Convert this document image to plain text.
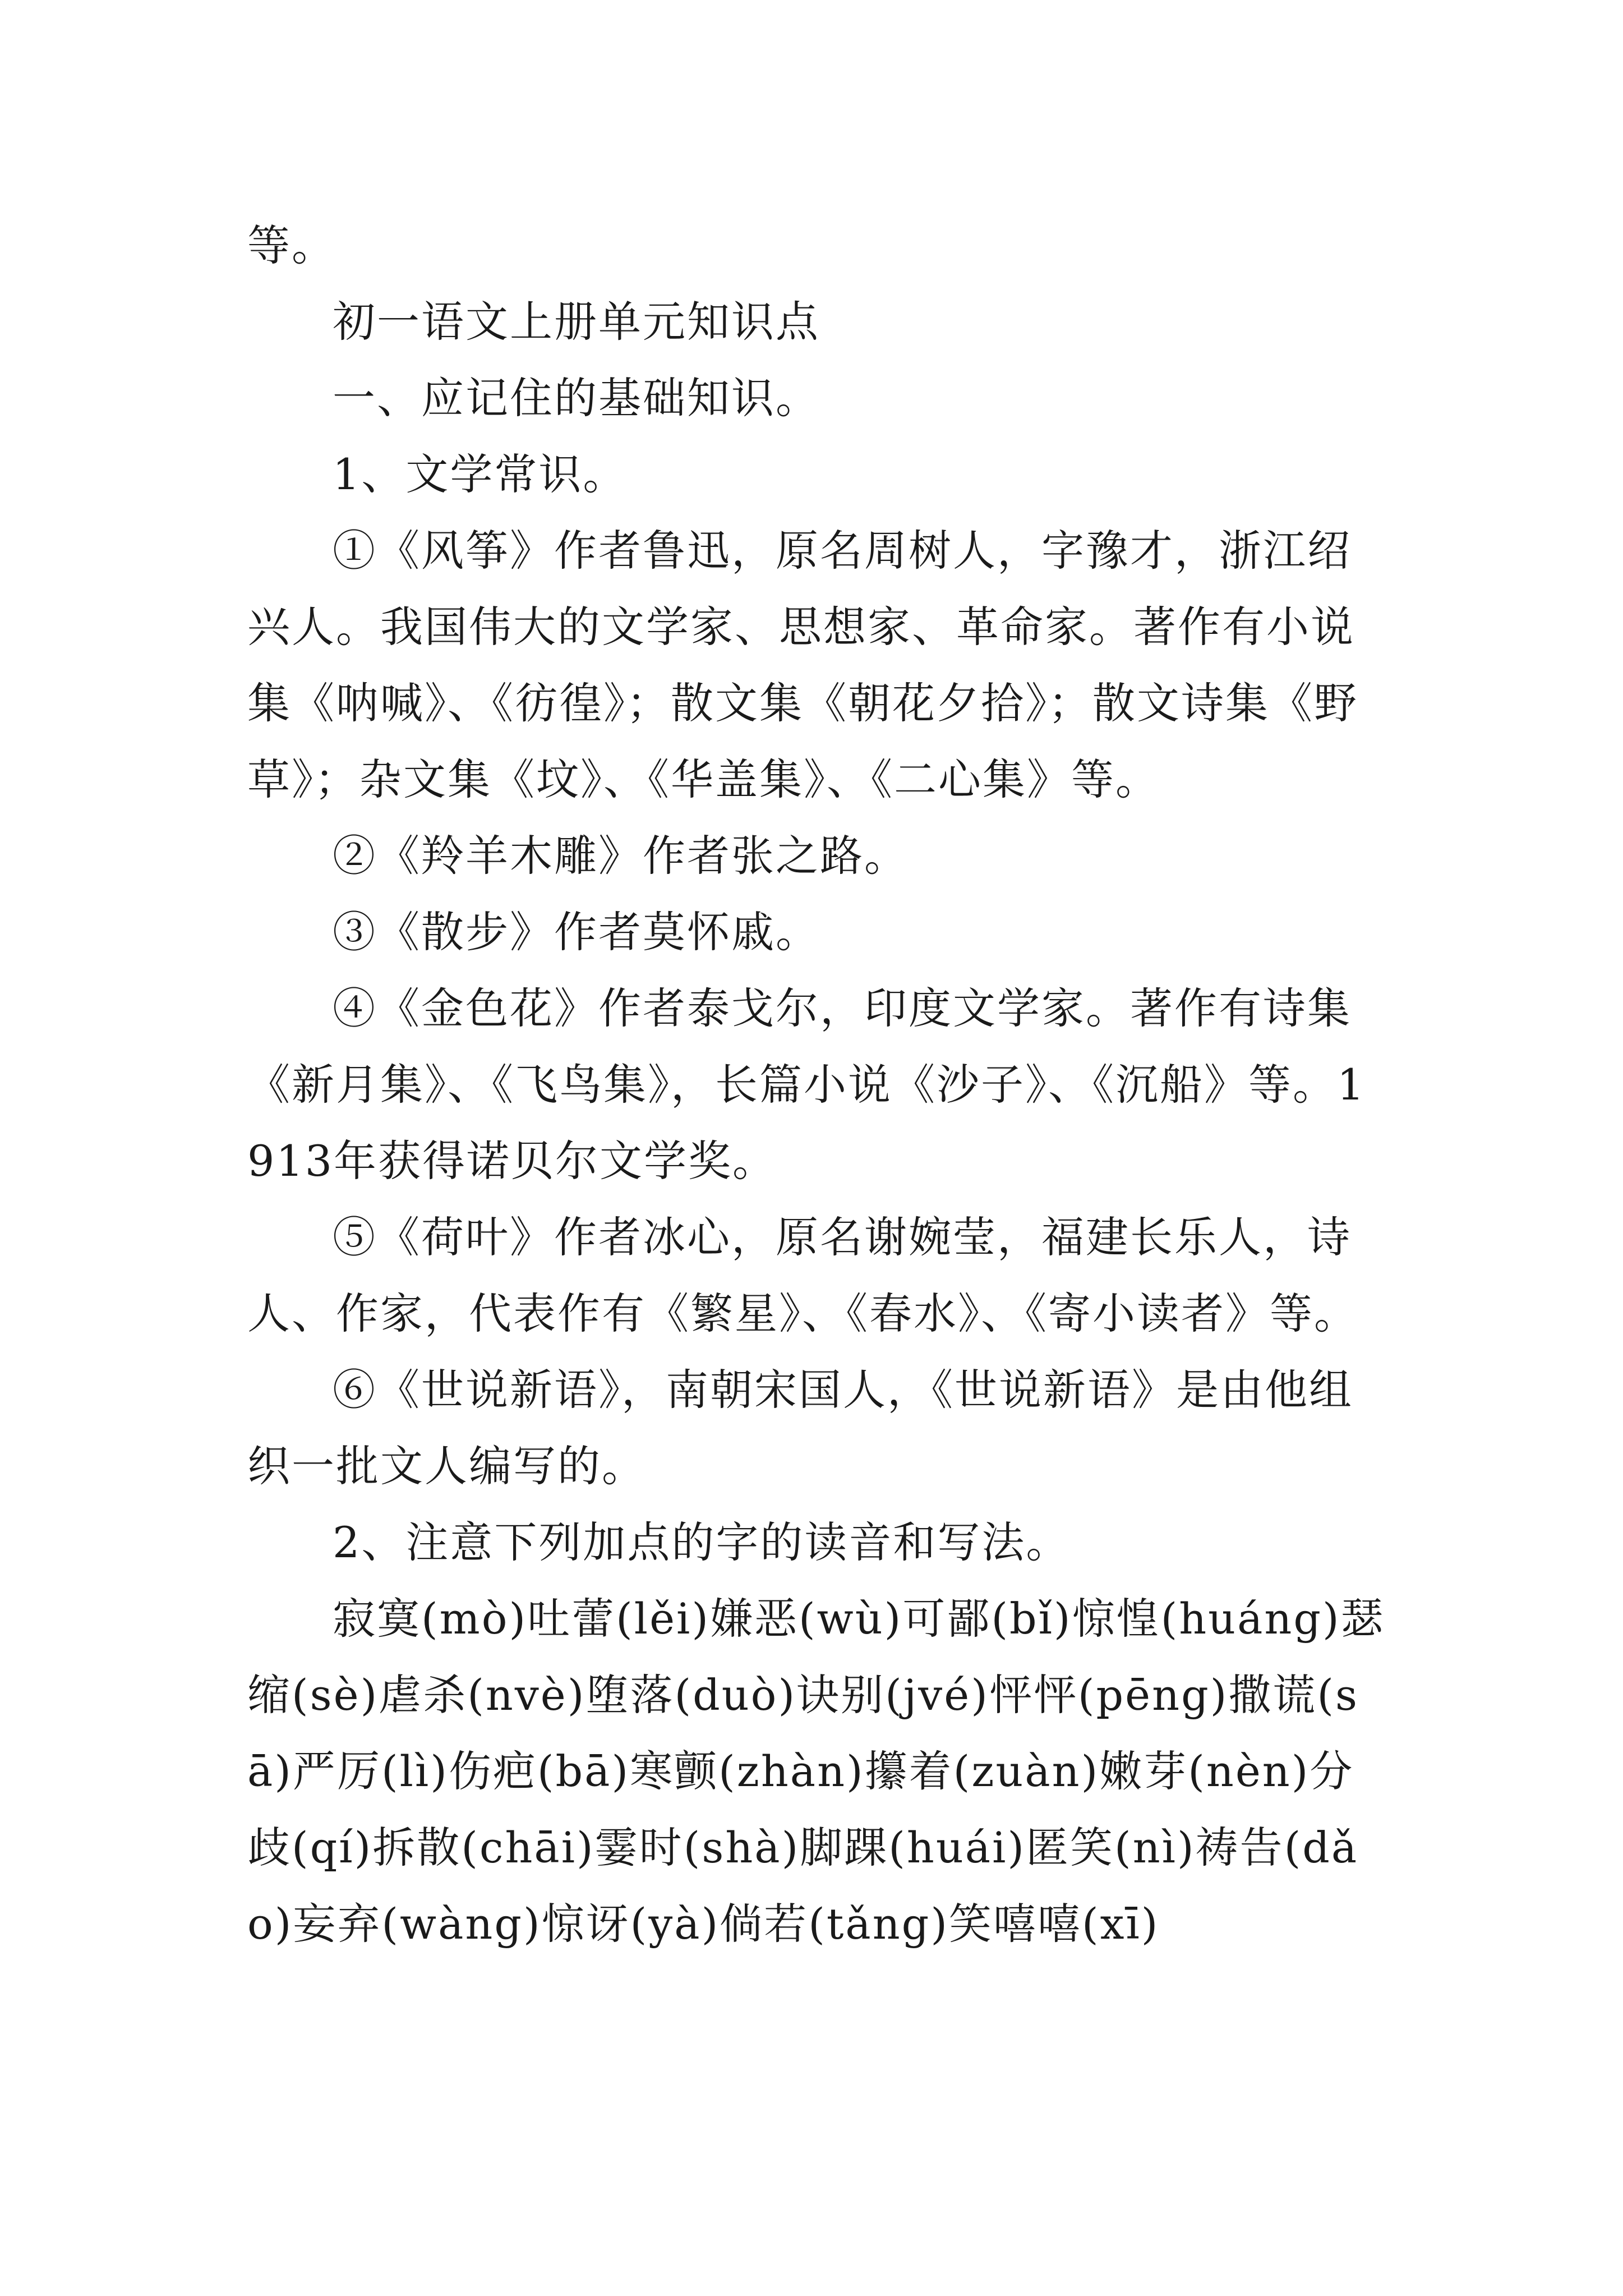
等。

初一语文上册单元知识点

一、应记住的基础知识。

1、文学常识。

①《风筝》作者鲁迅，原名周树人，字豫才，浙江绍兴人。我国伟大的文学家、思想家、革命家。著作有小说集《呐喊》、《彷徨》；散文集《朝花夕拾》；散文诗集《野草》；杂文集《坟》、《华盖集》、《二心集》等。

②《羚羊木雕》作者张之路。

③《散步》作者莫怀戚。

④《金色花》作者泰戈尔，印度文学家。著作有诗集《新月集》、《飞鸟集》，长篇小说《沙子》、《沉船》等。1913年获得诺贝尔文学奖。

⑤《荷叶》作者冰心，原名谢婉莹，福建长乐人，诗人、作家，代表作有《繁星》、《春水》、《寄小读者》等。

⑥《世说新语》，南朝宋国人，《世说新语》是由他组织一批文人编写的。

2、注意下列加点的字的读音和写法。

寂寞(mò)吐蕾(lěi)嫌恶(wù)可鄙(bǐ)惊惶(huáng)瑟缩(sè)虐杀(nvè)堕落(duò)诀别(jvé)怦怦(pēng)撒谎(sā)严厉(lì)伤疤(bā)寒颤(zhàn)攥着(zuàn)嫩芽(nèn)分歧(qí)拆散(chāi)霎时(shà)脚踝(huái)匿笑(nì)祷告(dǎo)妄弃(wàng)惊讶(yà)倘若(tǎng)笑嘻嘻(xī)
